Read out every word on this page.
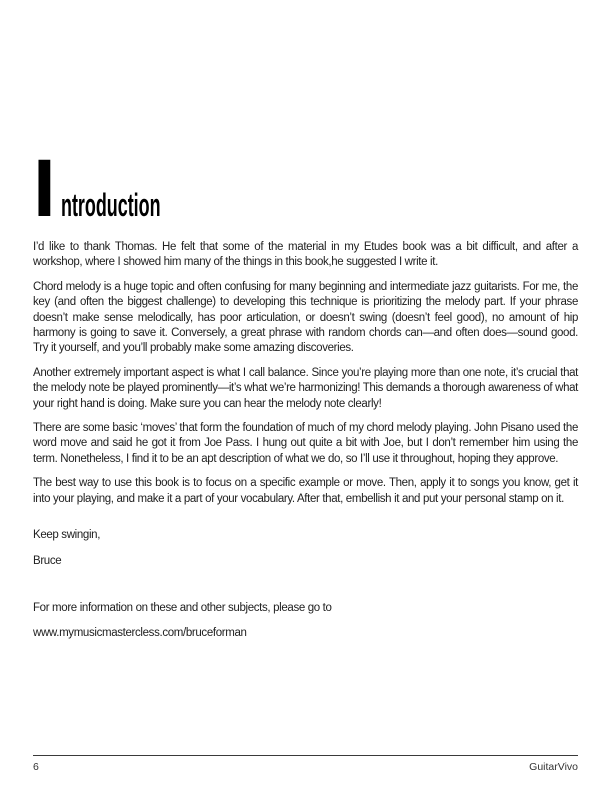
I ntroduction

I’d like to thank Thomas. He felt that some of the material in my Etudes book was a bit difficult, and after a workshop, where I showed him many of the things in this book,he suggested I write it.

Chord melody is a huge topic and often confusing for many beginning and intermediate jazz guitarists. For me, the key (and often the biggest challenge) to developing this technique is prioritizing the melody part. If your phrase doesn’t make sense melodically, has poor articulation, or doesn’t swing (doesn’t feel good), no amount of hip harmony is going to save it. Conversely, a great phrase with random chords can—and often does—sound good. Try it yourself, and you’ll probably make some amazing discoveries.

Another extremely important aspect is what I call balance. Since you’re playing more than one note, it’s crucial that the melody note be played prominently—it’s what we’re harmonizing! This demands a thorough awareness of what your right hand is doing. Make sure you can hear the melody note clearly!

There are some basic ‘moves’ that form the foundation of much of my chord melody playing. John Pisano used the word move and said he got it from Joe Pass. I hung out quite a bit with Joe, but I don’t remember him using the term. Nonetheless, I find it to be an apt description of what we do, so I’ll use it throughout, hoping they approve.

The best way to use this book is to focus on a specific example or move. Then, apply it to songs you know, get it into your playing, and make it a part of your vocabulary. After that, embellish it and put your personal stamp on it.

Keep swingin,

Bruce

For more information on these and other subjects, please go to

www.mymusicmastercless.com/bruceforman

6	GuitarVivo
